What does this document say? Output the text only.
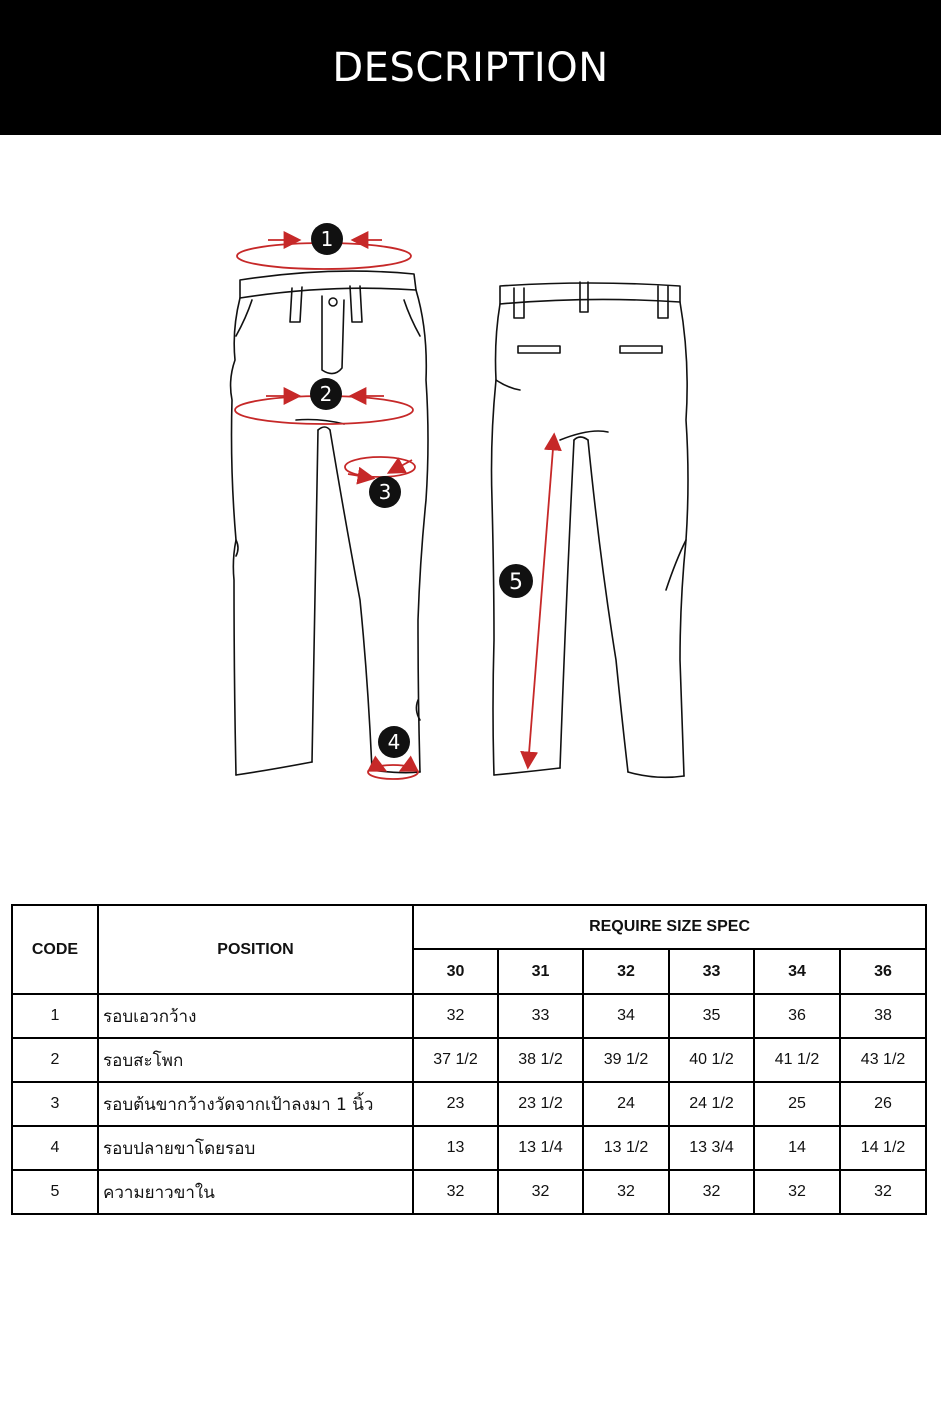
DESCRIPTION
1
2
3
4
5
CODE	POSITION	REQUIRE SIZE SPEC					
		30	31	32	33	34	36
1	รอบเอวกว้าง	32	33	34	35	36	38
2	รอบสะโพก	37 1/2	38 1/2	39 1/2	40 1/2	41 1/2	43 1/2
3	รอบต้นขากว้างวัดจากเป้าลงมา 1 นิ้ว	23	23 1/2	24	24 1/2	25	26
4	รอบปลายขาโดยรอบ	13	13 1/4	13 1/2	13 3/4	14	14 1/2
5	ความยาวขาใน	32	32	32	32	32	32
